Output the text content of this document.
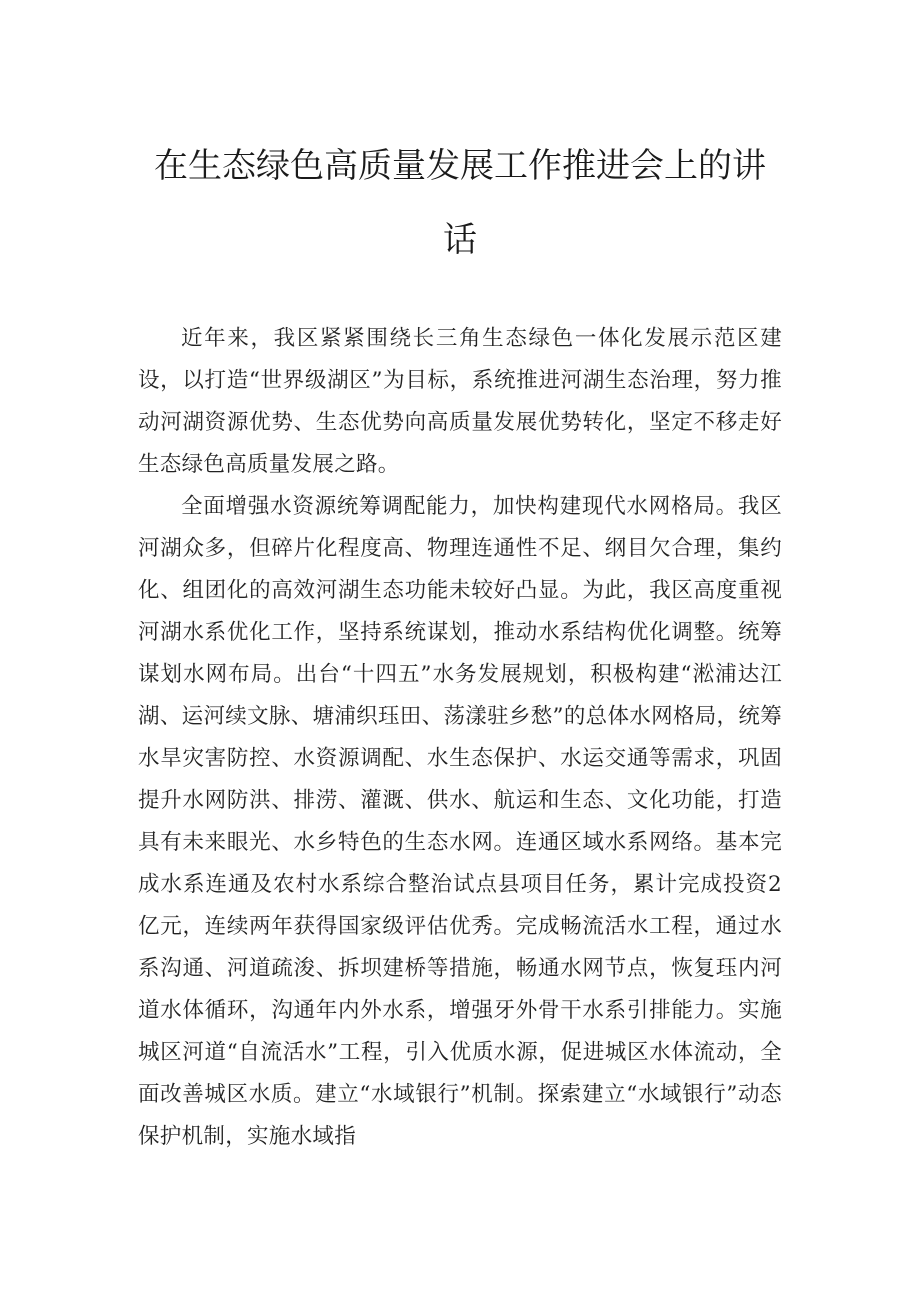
在生态绿色高质量发展工作推进会上的讲
话

近年来，我区紧紧围绕长三角生态绿色一体化发展示范区建设，以打造“世界级湖区”为目标，系统推进河湖生态治理，努力推动河湖资源优势、生态优势向高质量发展优势转化，坚定不移走好生态绿色高质量发展之路。

全面增强水资源统筹调配能力，加快构建现代水网格局。我区河湖众多，但碎片化程度高、物理连通性不足、纲目欠合理，集约化、组团化的高效河湖生态功能未较好凸显。为此，我区高度重视河湖水系优化工作，坚持系统谋划，推动水系结构优化调整。统筹谋划水网布局。出台“十四五”水务发展规划，积极构建“淞浦达江湖、运河续文脉、塘浦织珏田、荡漾驻乡愁”的总体水网格局，统筹水旱灾害防控、水资源调配、水生态保护、水运交通等需求，巩固提升水网防洪、排涝、灌溉、供水、航运和生态、文化功能，打造具有未来眼光、水乡特色的生态水网。连通区域水系网络。基本完成水系连通及农村水系综合整治试点县项目任务，累计完成投资2亿元，连续两年获得国家级评估优秀。完成畅流活水工程，通过水系沟通、河道疏浚、拆坝建桥等措施，畅通水网节点，恢复珏内河道水体循环，沟通年内外水系，增强牙外骨干水系引排能力。实施城区河道“自流活水”工程，引入优质水源，促进城区水体流动，全面改善城区水质。建立“水域银行”机制。探索建立“水域银行”动态保护机制，实施水域指
